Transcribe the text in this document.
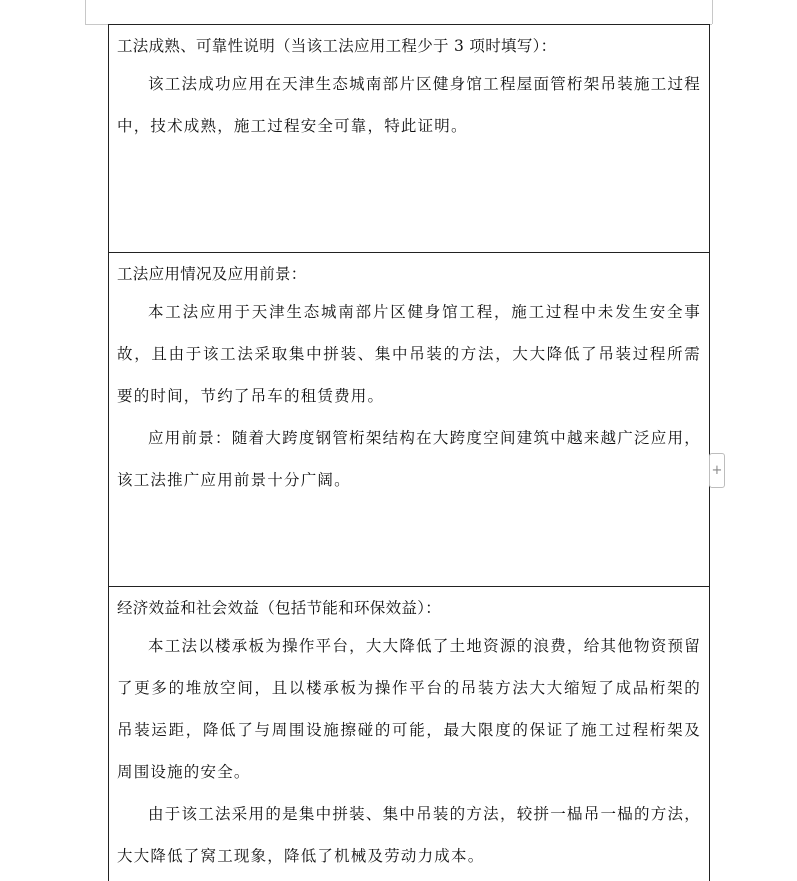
工法成熟、可靠性说明（当该工法应用工程少于 3 项时填写）：

该工法成功应用在天津生态城南部片区健身馆工程屋面管桁架吊装施工过程中，技术成熟，施工过程安全可靠，特此证明。

工法应用情况及应用前景：

本工法应用于天津生态城南部片区健身馆工程，施工过程中未发生安全事故，且由于该工法采取集中拼装、集中吊装的方法，大大降低了吊装过程所需要的时间，节约了吊车的租赁费用。

应用前景：随着大跨度钢管桁架结构在大跨度空间建筑中越来越广泛应用，该工法推广应用前景十分广阔。

经济效益和社会效益（包括节能和环保效益）：

本工法以楼承板为操作平台，大大降低了土地资源的浪费，给其他物资预留了更多的堆放空间，且以楼承板为操作平台的吊装方法大大缩短了成品桁架的吊装运距，降低了与周围设施擦碰的可能，最大限度的保证了施工过程桁架及周围设施的安全。

由于该工法采用的是集中拼装、集中吊装的方法，较拼一榀吊一榀的方法，大大降低了窝工现象，降低了机械及劳动力成本。

+
